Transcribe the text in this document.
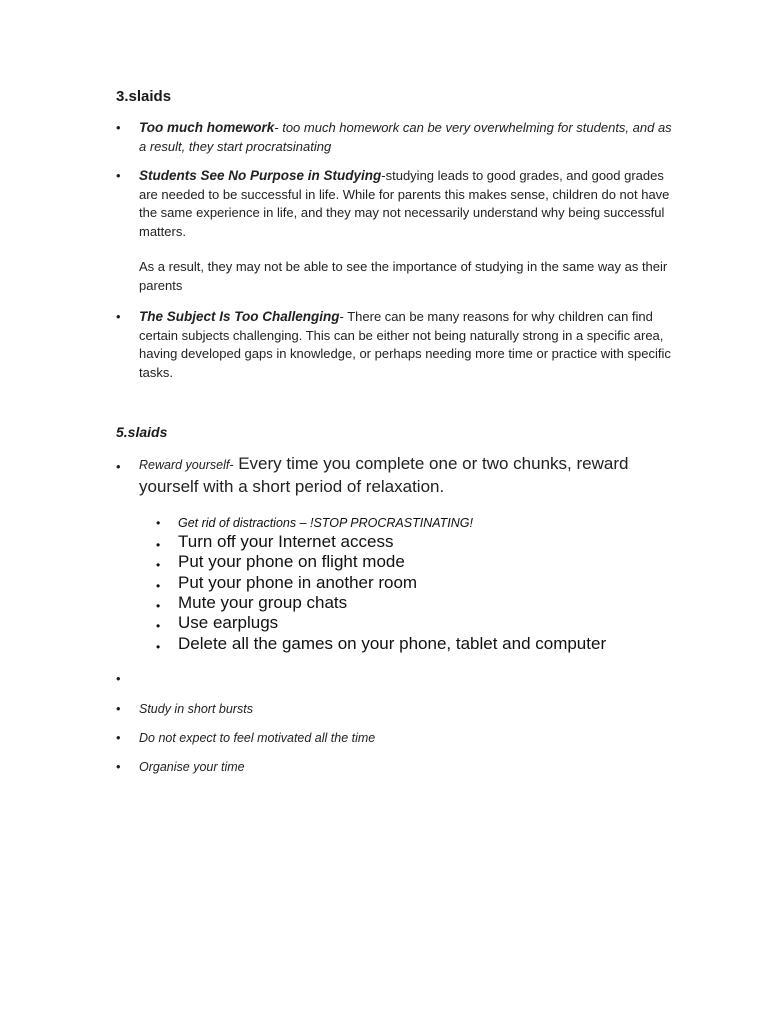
3.slaids
• Too much homework- too much homework can be very overwhelming for students, and as a result, they start procratsinating
• Students See No Purpose in Studying-studying leads to good grades, and good grades are needed to be successful in life. While for parents this makes sense, children do not have the same experience in life, and they may not necessarily understand why being successful matters.
As a result, they may not be able to see the importance of studying in the same way as their parents
• The Subject Is Too Challenging- There can be many reasons for why children can find certain subjects challenging. This can be either not being naturally strong in a specific area, having developed gaps in knowledge, or perhaps needing more time or practice with specific tasks.
5.slaids
• Reward yourself- Every time you complete one or two chunks, reward yourself with a short period of relaxation.
• Get rid of distractions – !STOP PROCRASTINATING!
• Turn off your Internet access
• Put your phone on flight mode
• Put your phone in another room
• Mute your group chats
• Use earplugs
• Delete all the games on your phone, tablet and computer
•
• Study in short bursts
• Do not expect to feel motivated all the time
• Organise your time
